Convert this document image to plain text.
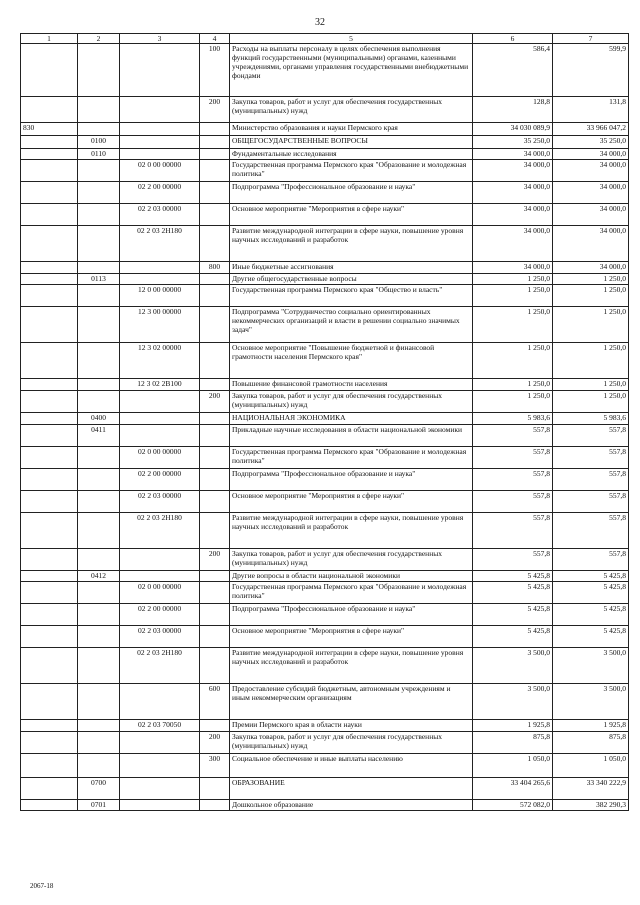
32
1	2	3	4	5	6	7
			100	Расходы на выплаты персоналу в целях обеспечения выполнения функций государственными (муниципальными) органами, казенными учреждениями, органами управления государственными внебюджетными фондами	586,4	599,9
			200	Закупка товаров, работ и услуг для обеспечения государственных (муниципальных) нужд	128,8	131,8
830				Министерство образования и науки Пермского края	34 030 089,9	33 966 047,2
	0100			ОБЩЕГОСУДАРСТВЕННЫЕ ВОПРОСЫ	35 250,0	35 250,0
	0110			Фундаментальные исследования	34 000,0	34 000,0
		02 0 00 00000		Государственная программа Пермского края "Образование и молодежная политика"	34 000,0	34 000,0
		02 2 00 00000		Подпрограмма "Профессиональное образование и наука"	34 000,0	34 000,0
		02 2 03 00000		Основное мероприятие "Мероприятия в сфере науки"	34 000,0	34 000,0
		02 2 03 2Н180		Развитие международной интеграции в сфере науки, повышение уровня научных исследований и разработок	34 000,0	34 000,0
			800	Иные бюджетные ассигнования	34 000,0	34 000,0
	0113			Другие общегосударственные вопросы	1 250,0	1 250,0
		12 0 00 00000		Государственная программа Пермского края "Общество и власть"	1 250,0	1 250,0
		12 3 00 00000		Подпрограмма "Сотрудничество социально ориентированных некоммерческих организаций и власти в решении социально значимых задач"	1 250,0	1 250,0
		12 3 02 00000		Основное мероприятие "Повышение бюджетной и финансовой грамотности населения Пермского края"	1 250,0	1 250,0
		12 3 02 2В100		Повышение финансовой грамотности населения	1 250,0	1 250,0
			200	Закупка товаров, работ и услуг для обеспечения государственных (муниципальных) нужд	1 250,0	1 250,0
	0400			НАЦИОНАЛЬНАЯ ЭКОНОМИКА	5 983,6	5 983,6
	0411			Прикладные научные исследования в области национальной экономики	557,8	557,8
		02 0 00 00000		Государственная программа Пермского края "Образование и молодежная политика"	557,8	557,8
		02 2 00 00000		Подпрограмма "Профессиональное образование и наука"	557,8	557,8
		02 2 03 00000		Основное мероприятие "Мероприятия в сфере науки"	557,8	557,8
		02 2 03 2Н180		Развитие международной интеграции в сфере науки, повышение уровня научных исследований и разработок	557,8	557,8
			200	Закупка товаров, работ и услуг для обеспечения государственных (муниципальных) нужд	557,8	557,8
	0412			Другие вопросы в области национальной экономики	5 425,8	5 425,8
		02 0 00 00000		Государственная программа Пермского края "Образование и молодежная политика"	5 425,8	5 425,8
		02 2 00 00000		Подпрограмма "Профессиональное образование и наука"	5 425,8	5 425,8
		02 2 03 00000		Основное мероприятие "Мероприятия в сфере науки"	5 425,8	5 425,8
		02 2 03 2Н180		Развитие международной интеграции в сфере науки, повышение уровня научных исследований и разработок	3 500,0	3 500,0
			600	Предоставление субсидий бюджетным, автономным учреждениям и иным некоммерческим организациям	3 500,0	3 500,0
		02 2 03 70050		Премии Пермского края в области науки	1 925,8	1 925,8
			200	Закупка товаров, работ и услуг для обеспечения государственных (муниципальных) нужд	875,8	875,8
			300	Социальное обеспечение и иные выплаты населению	1 050,0	1 050,0
	0700			ОБРАЗОВАНИЕ	33 404 265,6	33 340 222,9
	0701			Дошкольное образование	572 082,0	382 290,3
2067-18
